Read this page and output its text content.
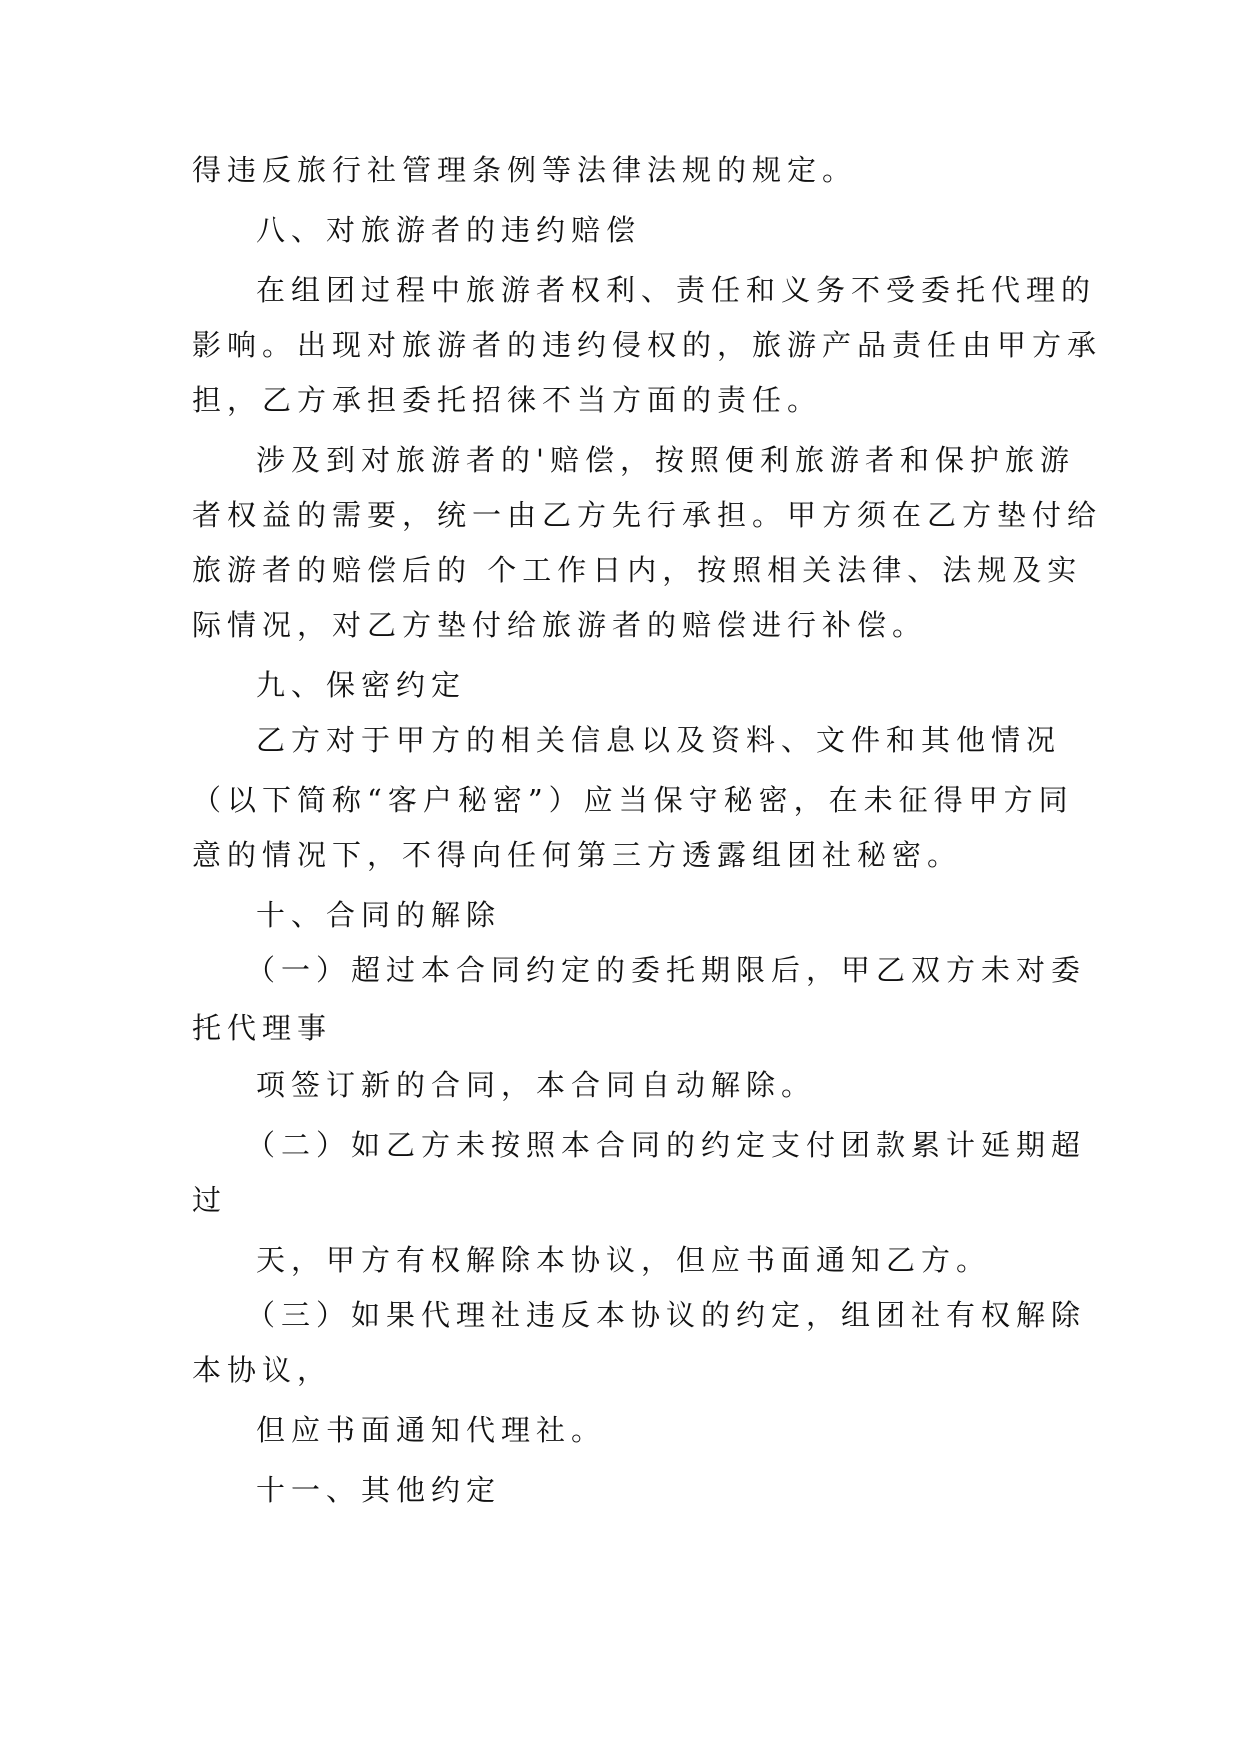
得违反旅行社管理条例等法律法规的规定。
八、对旅游者的违约赔偿
在组团过程中旅游者权利、责任和义务不受委托代理的
影响。出现对旅游者的违约侵权的，旅游产品责任由甲方承
担，乙方承担委托招徕不当方面的责任。
涉及到对旅游者的'赔偿，按照便利旅游者和保护旅游
者权益的需要，统一由乙方先行承担。甲方须在乙方垫付给
旅游者的赔偿后的 个工作日内，按照相关法律、法规及实
际情况，对乙方垫付给旅游者的赔偿进行补偿。
九、保密约定
乙方对于甲方的相关信息以及资料、文件和其他情况
（以下简称“客户秘密”）应当保守秘密，在未征得甲方同
意的情况下，不得向任何第三方透露组团社秘密。
十、合同的解除
（一）超过本合同约定的委托期限后，甲乙双方未对委
托代理事
项签订新的合同，本合同自动解除。
（二）如乙方未按照本合同的约定支付团款累计延期超
过
天，甲方有权解除本协议，但应书面通知乙方。
（三）如果代理社违反本协议的约定，组团社有权解除
本协议，
但应书面通知代理社。
十一、其他约定
